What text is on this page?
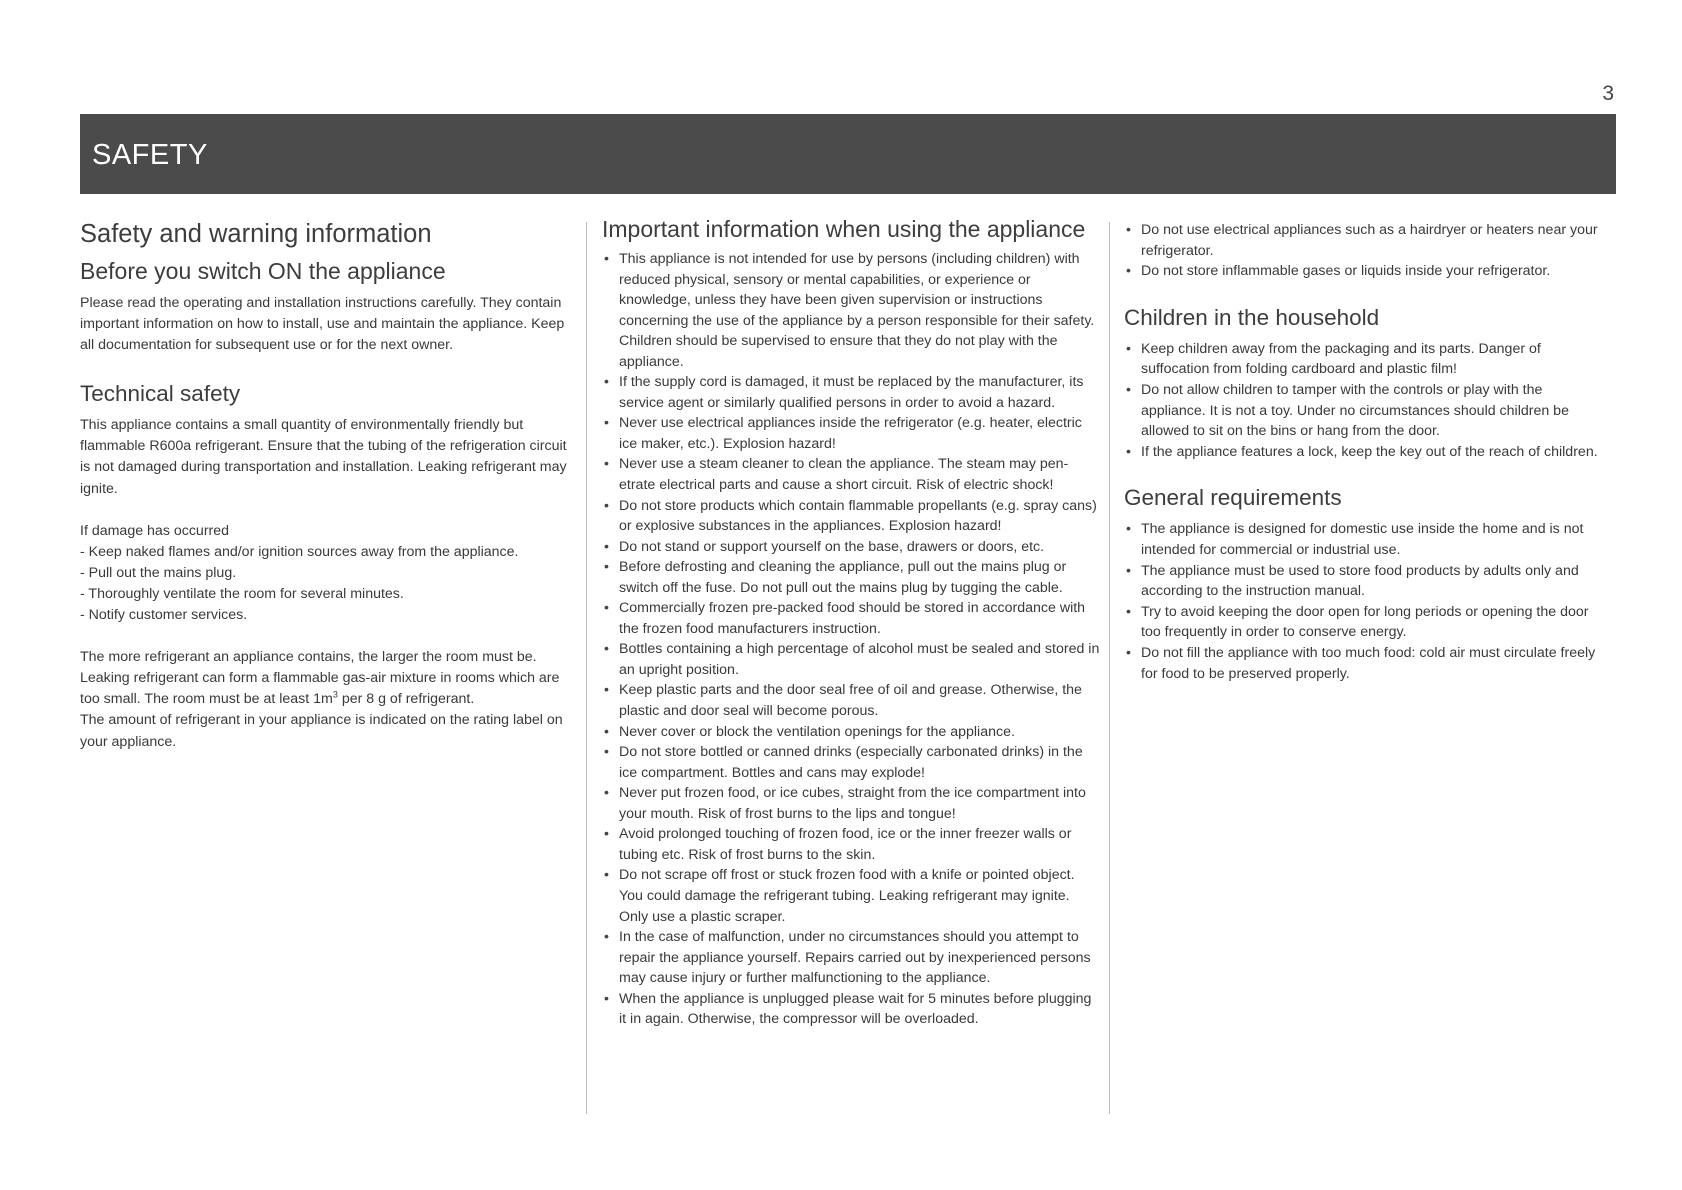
3
SAFETY
Safety and warning information
Before you switch ON the appliance

Please read the operating and installation instructions carefully. They contain important information on how to install, use and maintain the appliance. Keep all documentation for subsequent use or for the next owner.

Technical safety

This appliance contains a small quantity of environmentally friendly but flammable R600a refrigerant. Ensure that the tubing of the refrigeration circuit is not damaged during transportation and installation. Leaking refrigerant may ignite.

If damage has occurred

- Keep naked flames and/or ignition sources away from the appliance.

- Pull out the mains plug.

- Thoroughly ventilate the room for several minutes.

- Notify customer services.

The more refrigerant an appliance contains, the larger the room must be. Leaking refrigerant can form a flammable gas-air mixture in rooms which are too small. The room must be at least $1m^3$ per 8 g of refrigerant.

The amount of refrigerant in your appliance is indicated on the rating label on your appliance.

Important information when using the appliance
• This appliance is not intended for use by persons (including children) with reduced physical, sensory or mental capabilities, or experience or knowledge, unless they have been given supervision or instructions concerning the use of the appliance by a person responsible for their safety. Children should be supervised to ensure that they do not play with the appliance.
• If the supply cord is damaged, it must be replaced by the manufacturer, its service agent or similarly qualified persons in order to avoid a hazard.
• Never use electrical appliances inside the refrigerator (e.g. heater, electric ice maker, etc.). Explosion hazard!
• Never use a steam cleaner to clean the appliance. The steam may pen-etrate electrical parts and cause a short circuit. Risk of electric shock!
• Do not store products which contain flammable propellants (e.g. spray cans) or explosive substances in the appliances. Explosion hazard!
• Do not stand or support yourself on the base, drawers or doors, etc.
• Before defrosting and cleaning the appliance, pull out the mains plug or switch off the fuse. Do not pull out the mains plug by tugging the cable.
• Commercially frozen pre-packed food should be stored in accordance with the frozen food manufacturers instruction.
• Bottles containing a high percentage of alcohol must be sealed and stored in an upright position.
• Keep plastic parts and the door seal free of oil and grease. Otherwise, the plastic and door seal will become porous.
• Never cover or block the ventilation openings for the appliance.
• Do not store bottled or canned drinks (especially carbonated drinks) in the ice compartment. Bottles and cans may explode!
• Never put frozen food, or ice cubes, straight from the ice compartment into your mouth. Risk of frost burns to the lips and tongue!
• Avoid prolonged touching of frozen food, ice or the inner freezer walls or tubing etc. Risk of frost burns to the skin.
• Do not scrape off frost or stuck frozen food with a knife or pointed object. You could damage the refrigerant tubing. Leaking refrigerant may ignite. Only use a plastic scraper.
• In the case of malfunction, under no circumstances should you attempt to repair the appliance yourself. Repairs carried out by inexperienced persons may cause injury or further malfunctioning to the appliance.
• When the appliance is unplugged please wait for 5 minutes before plugging it in again. Otherwise, the compressor will be overloaded.
• Do not use electrical appliances such as a hairdryer or heaters near your refrigerator.
• Do not store inflammable gases or liquids inside your refrigerator.
Children in the household
• Keep children away from the packaging and its parts. Danger of suffocation from folding cardboard and plastic film!
• Do not allow children to tamper with the controls or play with the appliance. It is not a toy. Under no circumstances should children be allowed to sit on the bins or hang from the door.
• If the appliance features a lock, keep the key out of the reach of children.
General requirements
• The appliance is designed for domestic use inside the home and is not intended for commercial or industrial use.
• The appliance must be used to store food products by adults only and according to the instruction manual.
• Try to avoid keeping the door open for long periods or opening the door too frequently in order to conserve energy.
• Do not fill the appliance with too much food: cold air must circulate freely for food to be preserved properly.
